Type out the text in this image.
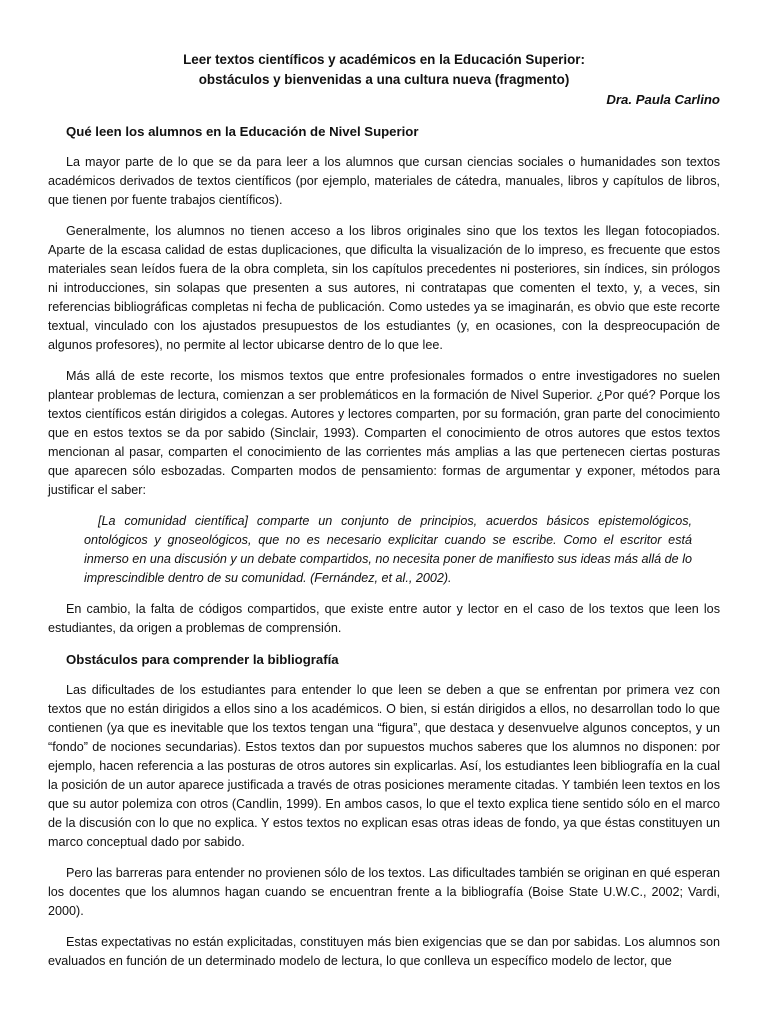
Leer textos científicos y académicos en la Educación Superior:

obstáculos y bienvenidas a una cultura nueva (fragmento)

Dra. Paula Carlino

Qué leen los alumnos en la Educación de Nivel Superior

La mayor parte de lo que se da para leer a los alumnos que cursan ciencias sociales o humanidades son textos académicos derivados de textos científicos (por ejemplo, materiales de cátedra, manuales, libros y capítulos de libros, que tienen por fuente trabajos científicos).

Generalmente, los alumnos no tienen acceso a los libros originales sino que los textos les llegan fotocopiados. Aparte de la escasa calidad de estas duplicaciones, que dificulta la visualización de lo impreso, es frecuente que estos materiales sean leídos fuera de la obra completa, sin los capítulos precedentes ni posteriores, sin índices, sin prólogos ni introducciones, sin solapas que presenten a sus autores, ni contratapas que comenten el texto, y, a veces, sin referencias bibliográficas completas ni fecha de publicación. Como ustedes ya se imaginarán, es obvio que este recorte textual, vinculado con los ajustados presupuestos de los estudiantes (y, en ocasiones, con la despreocupación de algunos profesores), no permite al lector ubicarse dentro de lo que lee.

Más allá de este recorte, los mismos textos que entre profesionales formados o entre investigadores no suelen plantear problemas de lectura, comienzan a ser problemáticos en la formación de Nivel Superior. ¿Por qué? Porque los textos científicos están dirigidos a colegas. Autores y lectores comparten, por su formación, gran parte del conocimiento que en estos textos se da por sabido (Sinclair, 1993). Comparten el conocimiento de otros autores que estos textos mencionan al pasar, comparten el conocimiento de las corrientes más amplias a las que pertenecen ciertas posturas que aparecen sólo esbozadas. Comparten modos de pensamiento: formas de argumentar y exponer, métodos para justificar el saber:

[La comunidad científica] comparte un conjunto de principios, acuerdos básicos epistemológicos, ontológicos y gnoseológicos, que no es necesario explicitar cuando se escribe. Como el escritor está inmerso en una discusión y un debate compartidos, no necesita poner de manifiesto sus ideas más allá de lo imprescindible dentro de su comunidad. (Fernández, et al., 2002).

En cambio, la falta de códigos compartidos, que existe entre autor y lector en el caso de los textos que leen los estudiantes, da origen a problemas de comprensión.

Obstáculos para comprender la bibliografía

Las dificultades de los estudiantes para entender lo que leen se deben a que se enfrentan por primera vez con textos que no están dirigidos a ellos sino a los académicos. O bien, si están dirigidos a ellos, no desarrollan todo lo que contienen (ya que es inevitable que los textos tengan una “figura”, que destaca y desenvuelve algunos conceptos, y un “fondo” de nociones secundarias). Estos textos dan por supuestos muchos saberes que los alumnos no disponen: por ejemplo, hacen referencia a las posturas de otros autores sin explicarlas. Así, los estudiantes leen bibliografía en la cual la posición de un autor aparece justificada a través de otras posiciones meramente citadas. Y también leen textos en los que su autor polemiza con otros (Candlin, 1999). En ambos casos, lo que el texto explica tiene sentido sólo en el marco de la discusión con lo que no explica. Y estos textos no explican esas otras ideas de fondo, ya que éstas constituyen un marco conceptual dado por sabido.

Pero las barreras para entender no provienen sólo de los textos. Las dificultades también se originan en qué esperan los docentes que los alumnos hagan cuando se encuentran frente a la bibliografía (Boise State U.W.C., 2002; Vardi, 2000).

Estas expectativas no están explicitadas, constituyen más bien exigencias que se dan por sabidas. Los alumnos son evaluados en función de un determinado modelo de lectura, lo que conlleva un específico modelo de lector, que
